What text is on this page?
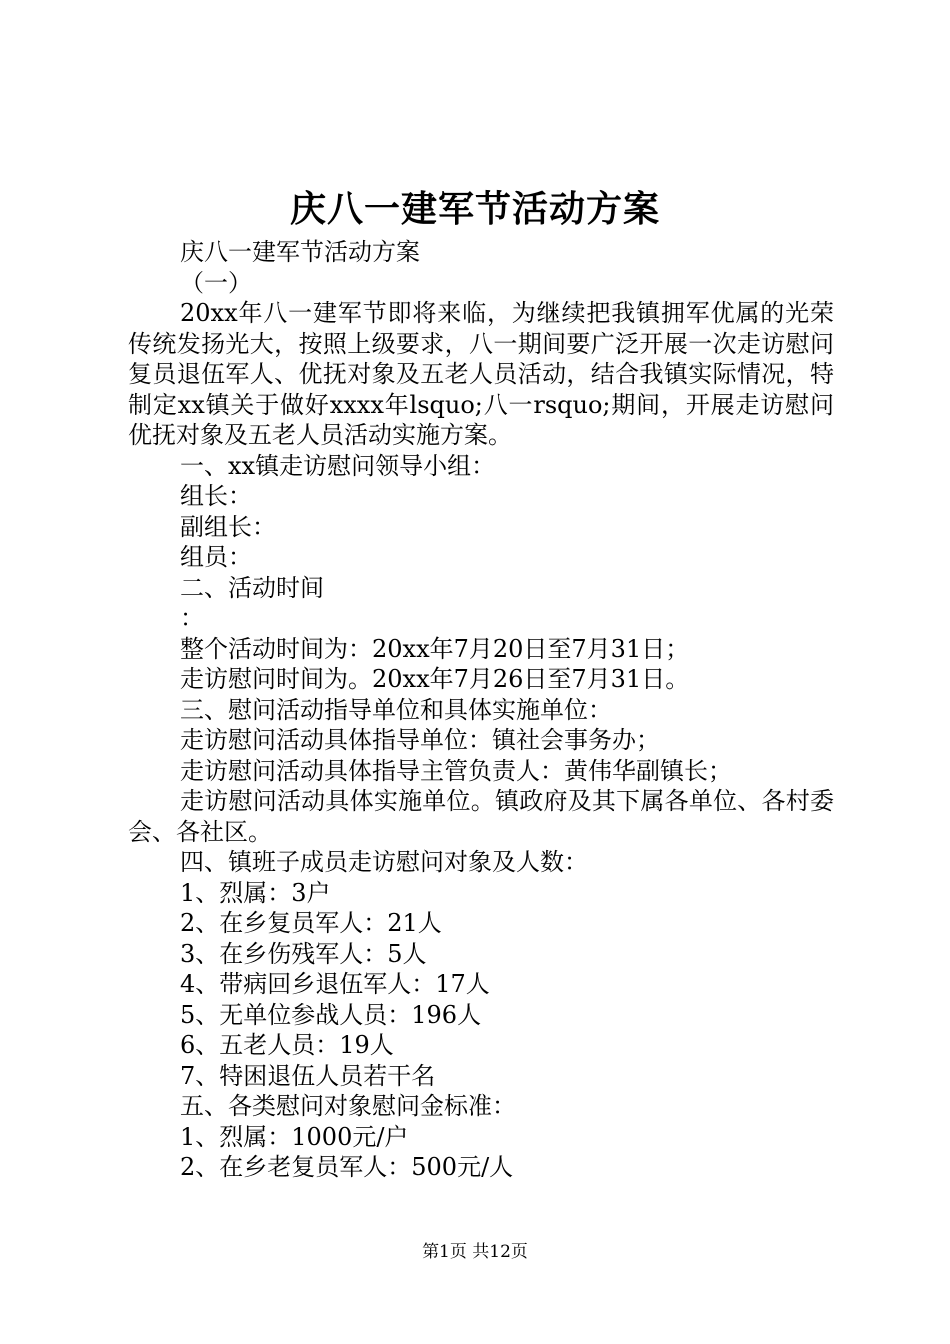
庆八一建军节活动方案

庆八一建军节活动方案

（一）

20xx年八一建军节即将来临，为继续把我镇拥军优属的光荣传统发扬光大，按照上级要求，八一期间要广泛开展一次走访慰问复员退伍军人、优抚对象及五老人员活动，结合我镇实际情况，特制定xx镇关于做好xxxx年lsquo;八一rsquo;期间，开展走访慰问优抚对象及五老人员活动实施方案。

一、xx镇走访慰问领导小组：

组长：

副组长：

组员：

二、活动时间

：

整个活动时间为：20xx年7月20日至7月31日；

走访慰问时间为。20xx年7月26日至7月31日。

三、慰问活动指导单位和具体实施单位：

走访慰问活动具体指导单位：镇社会事务办；

走访慰问活动具体指导主管负责人：黄伟华副镇长；

走访慰问活动具体实施单位。镇政府及其下属各单位、各村委会、各社区。

四、镇班子成员走访慰问对象及人数：

1、烈属：3户

2、在乡复员军人：21人

3、在乡伤残军人：5人

4、带病回乡退伍军人：17人

5、无单位参战人员：196人

6、五老人员：19人

7、特困退伍人员若干名

五、各类慰问对象慰问金标准：

1、烈属：1000元/户

2、在乡老复员军人：500元/人

第1页 共12页
